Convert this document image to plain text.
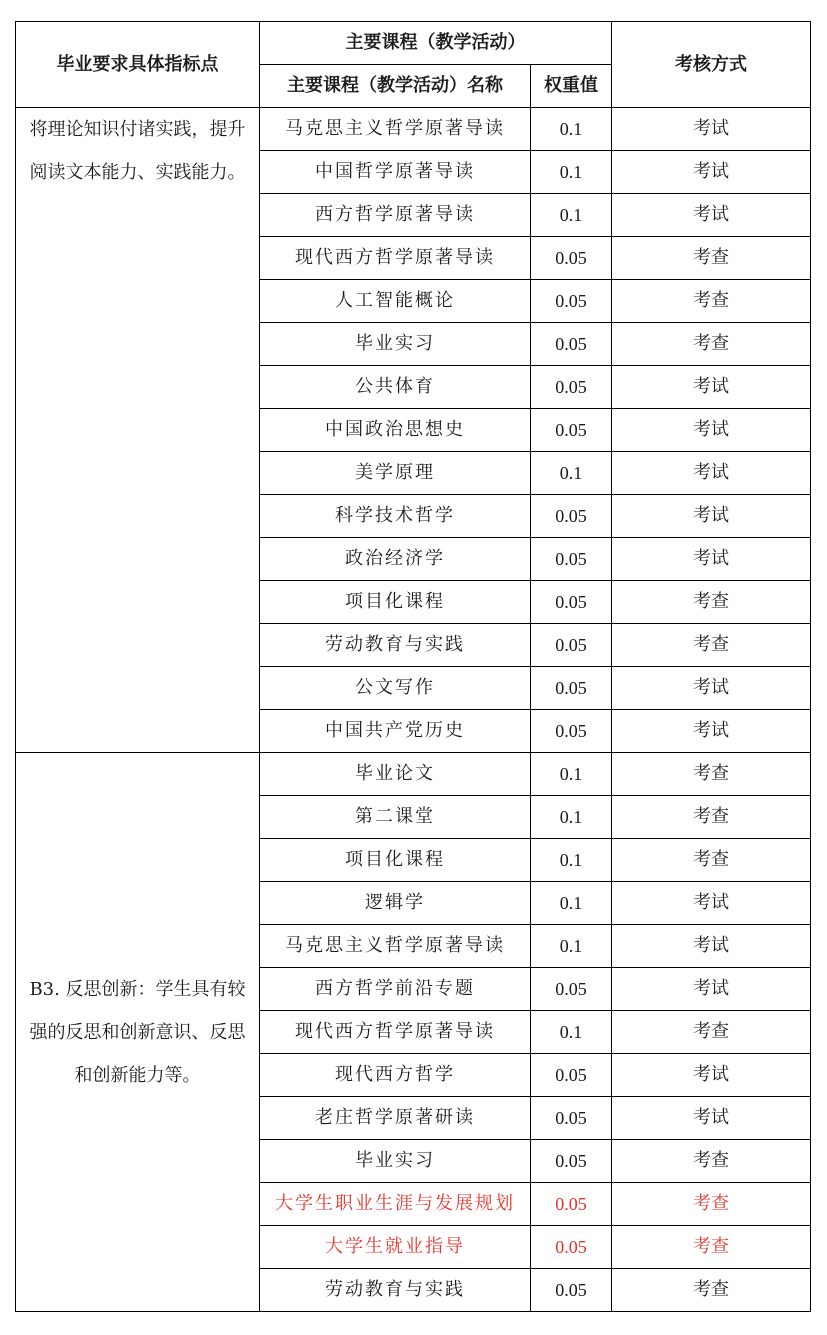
毕业要求具体指标点	主要课程（教学活动）		考核方式
	主要课程（教学活动）名称	权重值	
将理论知识付诸实践，提升阅读文本能力、实践能力。	马克思主义哲学原著导读	0.1	考试
	中国哲学原著导读	0.1	考试
	西方哲学原著导读	0.1	考试
	现代西方哲学原著导读	0.05	考查
	人工智能概论	0.05	考查
	毕业实习	0.05	考查
	公共体育	0.05	考试
	中国政治思想史	0.05	考试
	美学原理	0.1	考试
	科学技术哲学	0.05	考试
	政治经济学	0.05	考试
	项目化课程	0.05	考查
	劳动教育与实践	0.05	考查
	公文写作	0.05	考试
	中国共产党历史	0.05	考试
B3. 反思创新：学生具有较强的反思和创新意识、反思和创新能力等。	毕业论文	0.1	考查
	第二课堂	0.1	考查
	项目化课程	0.1	考查
	逻辑学	0.1	考试
	马克思主义哲学原著导读	0.1	考试
	西方哲学前沿专题	0.05	考试
	现代西方哲学原著导读	0.1	考查
	现代西方哲学	0.05	考试
	老庄哲学原著研读	0.05	考试
	毕业实习	0.05	考查
	大学生职业生涯与发展规划	0.05	考查
	大学生就业指导	0.05	考查
	劳动教育与实践	0.05	考查
